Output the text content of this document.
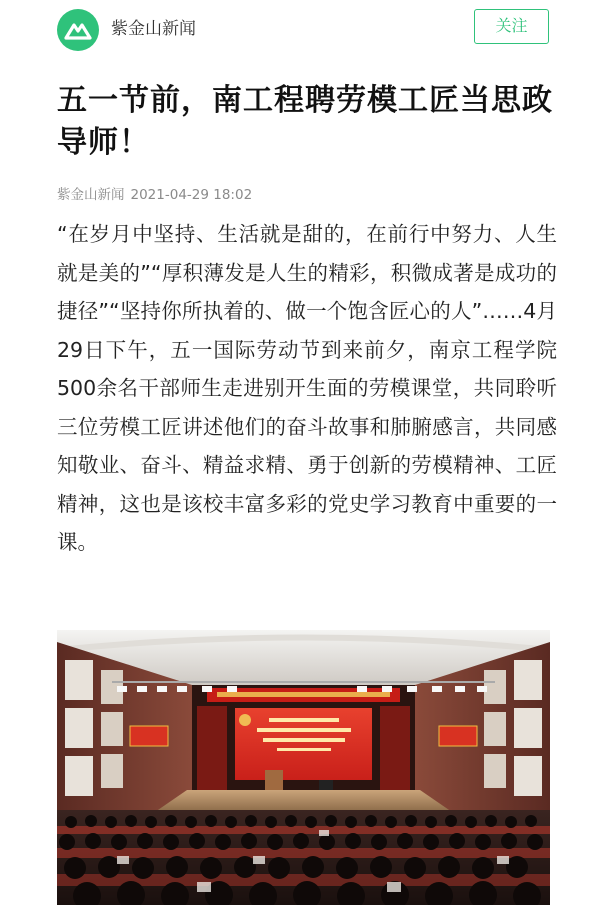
紫金山新闻	关注
五一节前，南工程聘劳模工匠当思政导师！
紫金山新闻 2021-04-29 18:02

“在岁月中坚持、生活就是甜的，在前行中努力、人生就是美的”“厚积薄发是人生的精彩，积微成著是成功的捷径”“坚持你所执着的、做一个饱含匠心的人”……4月29日下午，五一国际劳动节到来前夕，南京工程学院500余名干部师生走进别开生面的劳模课堂，共同聆听三位劳模工匠讲述他们的奋斗故事和肺腑感言，共同感知敬业、奋斗、精益求精、勇于创新的劳模精神、工匠精神，这也是该校丰富多彩的党史学习教育中重要的一课。
